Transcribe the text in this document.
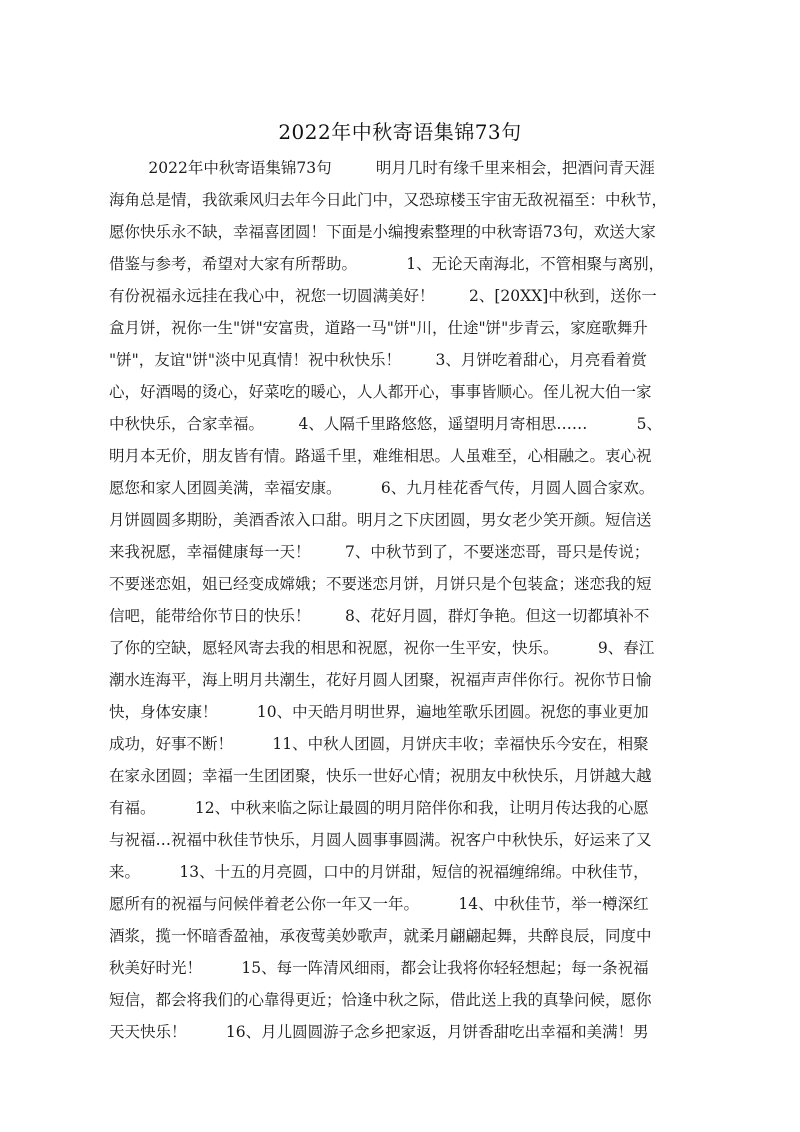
2022年中秋寄语集锦73句
2022年中秋寄语集锦73句         明月几时有缘千里来相会，把酒问青天涯
海角总是情，我欲乘风归去年今日此门中，又恐琼楼玉宇宙无敌祝福至：中秋节，
愿你快乐永不缺，幸福喜团圆！下面是小编搜索整理的中秋寄语73句，欢送大家
借鉴与参考，希望对大家有所帮助。          1、无论天南海北，不管相聚与离别，
有份祝福永远挂在我心中，祝您一切圆满美好！       2、[20XX]中秋到，送你一
盒月饼，祝你一生"饼"安富贵，道路一马"饼"川，仕途"饼"步青云，家庭歌舞升
"饼"，友谊"饼"淡中见真情！祝中秋快乐！       3、月饼吃着甜心，月亮看着赏
心，好酒喝的烫心，好菜吃的暖心，人人都开心，事事皆顺心。侄儿祝大伯一家
中秋快乐，合家幸福。       4、人隔千里路悠悠，遥望明月寄相思……          5、
明月本无价，朋友皆有情。路遥千里，难维相思。人虽难至，心相融之。衷心祝
愿您和家人团圆美满，幸福安康。        6、九月桂花香气传，月圆人圆合家欢。
月饼圆圆多期盼，美酒香浓入口甜。明月之下庆团圆，男女老少笑开颜。短信送
来我祝愿，幸福健康每一天！       7、中秋节到了，不要迷恋哥，哥只是传说；
不要迷恋姐，姐已经变成嫦娥；不要迷恋月饼，月饼只是个包装盒；迷恋我的短
信吧，能带给你节日的快乐！       8、花好月圆，群灯争艳。但这一切都填补不
了你的空缺，愿轻风寄去我的相思和祝愿，祝你一生平安，快乐。        9、春江
潮水连海平，海上明月共潮生，花好月圆人团聚，祝福声声伴你行。祝你节日愉
快，身体安康！        10、中天皓月明世界，遍地笙歌乐团圆。祝您的事业更加
成功，好事不断！        11、中秋人团圆，月饼庆丰收；幸福快乐今安在，相聚
在家永团圆；幸福一生团团聚，快乐一世好心情；祝朋友中秋快乐，月饼越大越
有福。        12、中秋来临之际让最圆的明月陪伴你和我，让明月传达我的心愿
与祝福…祝福中秋佳节快乐，月圆人圆事事圆满。祝客户中秋快乐，好运来了又
来。        13、十五的月亮圆，口中的月饼甜，短信的祝福缠绵绵。中秋佳节，
愿所有的祝福与问候伴着老公你一年又一年。        14、中秋佳节，举一樽深红
酒浆，揽一怀暗香盈袖，承夜莺美妙歌声，就柔月翩翩起舞，共醉良辰，同度中
秋美好时光！        15、每一阵清风细雨，都会让我将你轻轻想起；每一条祝福
短信，都会将我们的心靠得更近；恰逢中秋之际，借此送上我的真挚问候，愿你
天天快乐！        16、月儿圆圆游子念乡把家返，月饼香甜吃出幸福和美满！男
